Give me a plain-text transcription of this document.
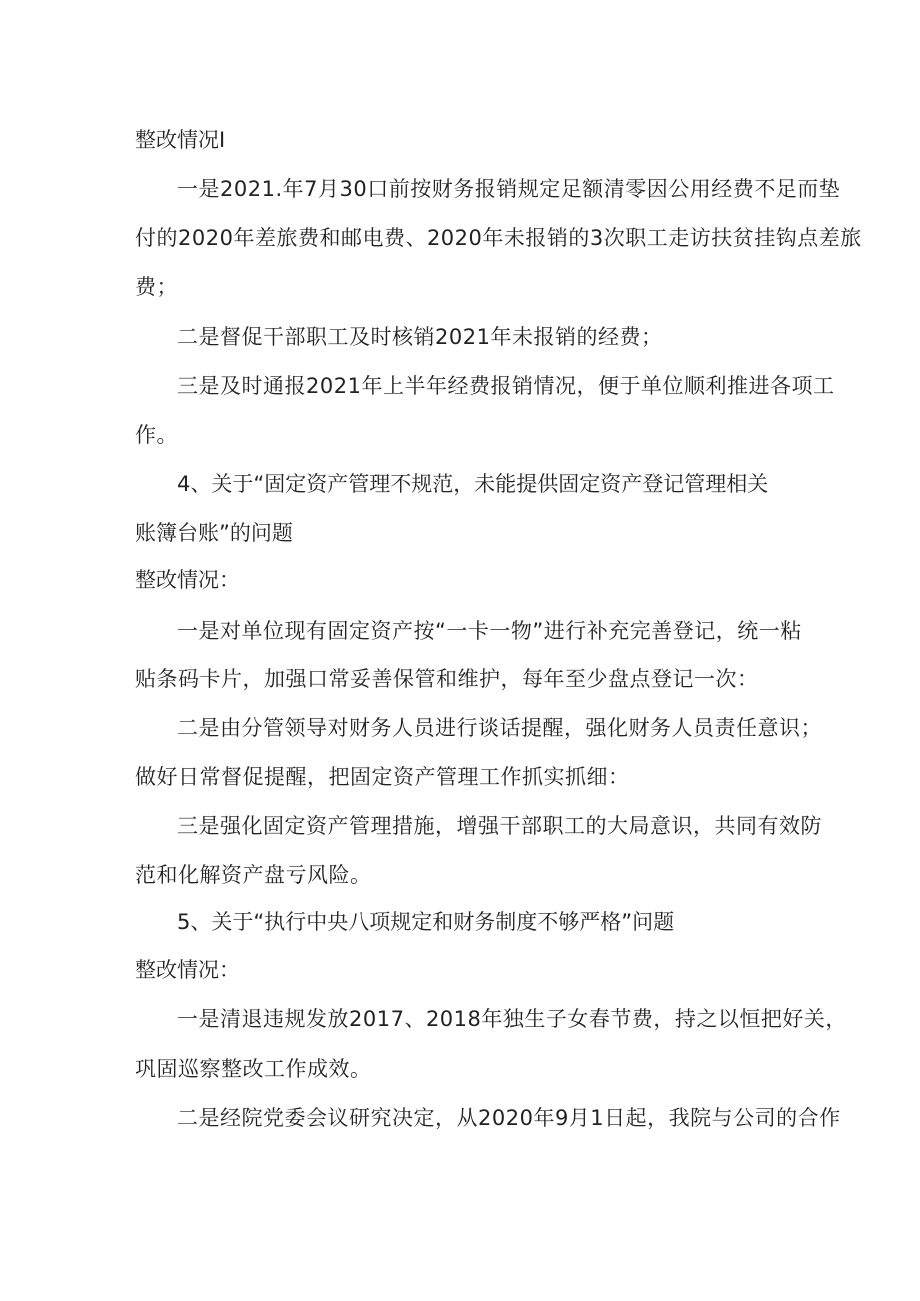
整改情况I
一是2021.年7月30口前按财务报销规定足额清零因公用经费不足而垫
付的2020年差旅费和邮电费、2020年未报销的3次职工走访扶贫挂钩点差旅
费；
二是督促干部职工及时核销2021年未报销的经费；
三是及时通报2021年上半年经费报销情况，便于单位顺利推进各项工
作。
4、关于“固定资产管理不规范，未能提供固定资产登记管理相关
账簿台账”的问题
整改情况：
一是对单位现有固定资产按“一卡一物”进行补充完善登记，统一粘
贴条码卡片，加强口常妥善保管和维护，每年至少盘点登记一次：
二是由分管领导对财务人员进行谈话提醒，强化财务人员责任意识；
做好日常督促提醒，把固定资产管理工作抓实抓细：
三是强化固定资产管理措施，增强干部职工的大局意识，共同有效防
范和化解资产盘亏风险。
5、关于“执行中央八项规定和财务制度不够严格”问题
整改情况：
一是清退违规发放2017、2018年独生子女春节费，持之以恒把好关，
巩固巡察整改工作成效。
二是经院党委会议研究决定，从2020年9月1日起，我院与公司的合作
